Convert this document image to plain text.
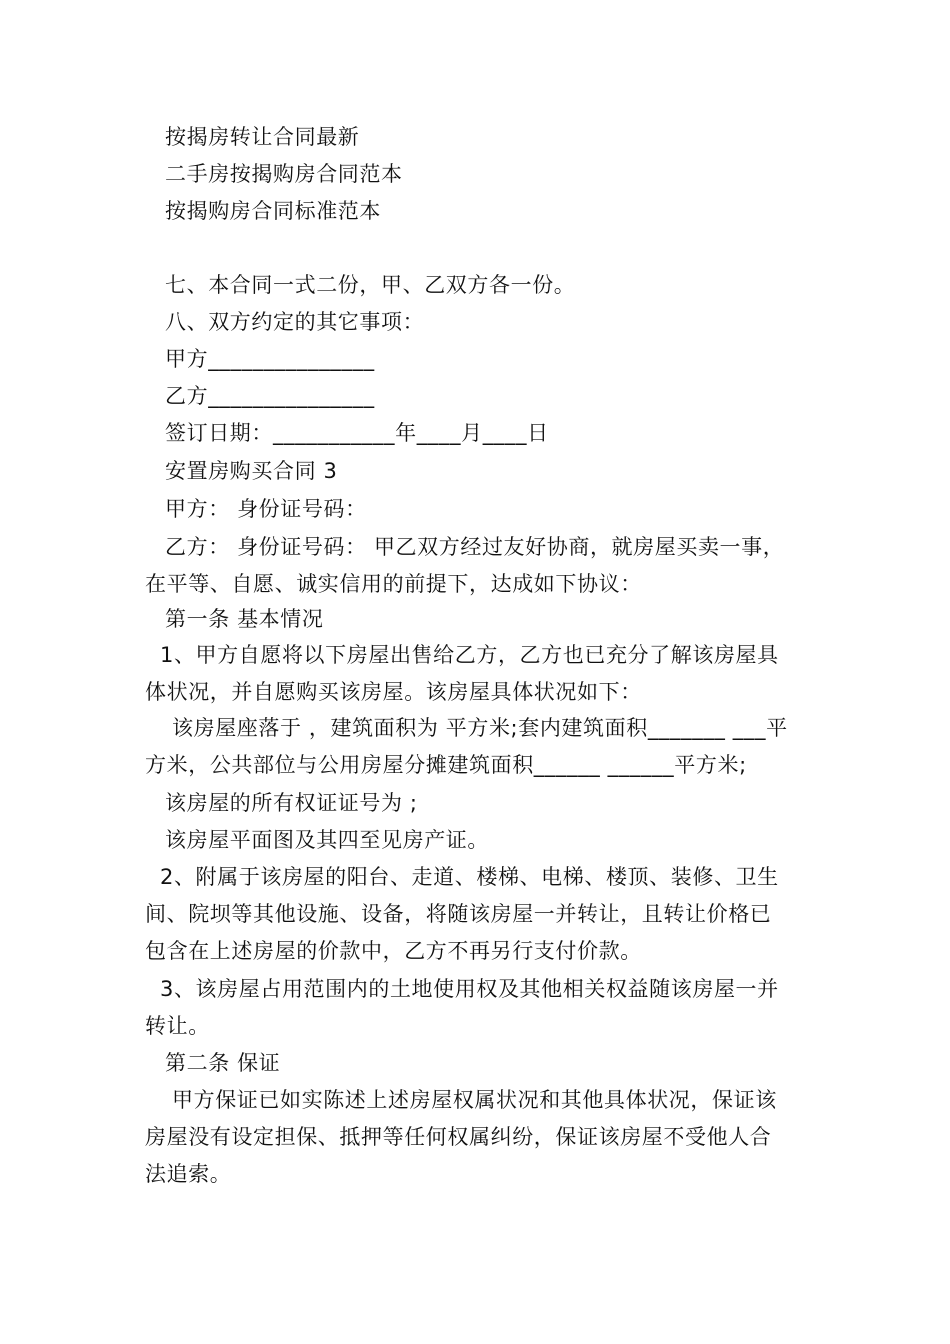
按揭房转让合同最新
二手房按揭购房合同范本
按揭购房合同标准范本
七、本合同一式二份，甲、乙双方各一份。
八、双方约定的其它事项：
甲方_______________
乙方_______________
签订日期：___________年____月____日
安置房购买合同 3
甲方： 身份证号码：
乙方： 身份证号码： 甲乙双方经过友好协商，就房屋买卖一事，
在平等、自愿、诚实信用的前提下，达成如下协议：
第一条 基本情况
1、甲方自愿将以下房屋出售给乙方，乙方也已充分了解该房屋具
体状况，并自愿购买该房屋。该房屋具体状况如下：
该房屋座落于 ，建筑面积为 平方米;套内建筑面积_______ ___平
方米，公共部位与公用房屋分摊建筑面积______ ______平方米;
该房屋的所有权证证号为 ;
该房屋平面图及其四至见房产证。
2、附属于该房屋的阳台、走道、楼梯、电梯、楼顶、装修、卫生
间、院坝等其他设施、设备，将随该房屋一并转让，且转让价格已
包含在上述房屋的价款中，乙方不再另行支付价款。
3、该房屋占用范围内的土地使用权及其他相关权益随该房屋一并
转让。
第二条 保证
甲方保证已如实陈述上述房屋权属状况和其他具体状况，保证该
房屋没有设定担保、抵押等任何权属纠纷，保证该房屋不受他人合
法追索。
